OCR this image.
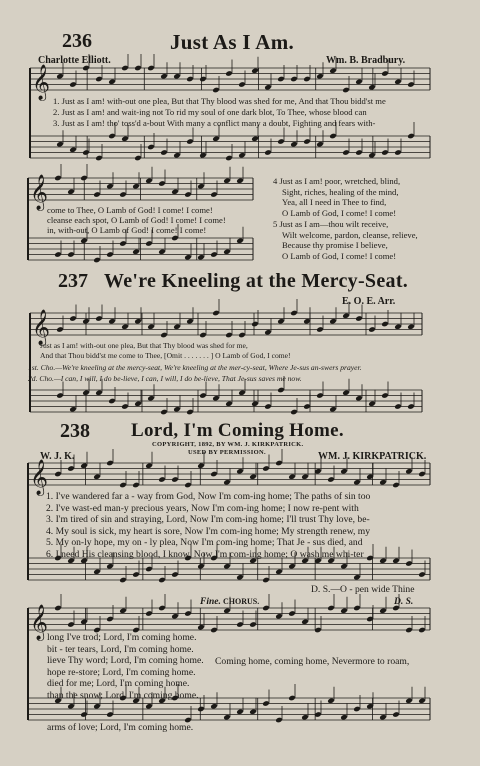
𝄞
𝄞
𝄞
𝄞
𝄞
236	Just As I Am.
Charlotte Elliott.	Wm. B. Bradbury.
1. Just as I am! with-out one plea, But that Thy blood was shed for me, And that Thou bidd'st me
2. Just as I am! and wait-ing not To rid my soul of one dark blot, To Thee, whose blood can
3. Just as I am! tho' toss'd a-bout With many a conflict many a doubt, Fighting and fears with-
come to Thee, O Lamb of God! I come! I come!
cleanse each spot, O Lamb of God! I come! I come!
in, with-out, O Lamb of God! I come! I come!
4 Just as I am! poor, wretched, blind,
Sight, riches, healing of the mind,
Yea, all I need in Thee to find,
O Lamb of God, I come! I come!
5 Just as I am—thou wilt receive,
Wilt welcome, pardon, cleanse, relieve,
Because thy promise I believe,
O Lamb of God, I come! I come!
237 We're Kneeling at the Mercy-Seat.
E. O. E. Arr.
Just as I am! with-out one plea, But that Thy blood was shed for me,
And that Thou bidd'st me come to Thee, [Omit . . . . . . . ] O Lamb of God, I come!
1st. Cho.—We're kneeling at the mercy-seat, We're kneeling at the mer-cy-seat, Where Je-sus an-swers prayer.
2d. Cho.—I can, I will, I do be-lieve, I can, I will, I do be-lieve, That Je-sus saves me now.
238 Lord, I'm Coming Home.
COPYRIGHT, 1892, BY WM. J. KIRKPATRICK.
USED BY PERMISSION.
W. J. K.	WM. J. KIRKPATRICK.
1. I've wandered far a - way from God, Now I'm com-ing home; The paths of sin too
2. I've wast-ed man-y precious years, Now I'm com-ing home; I now re-pent with
3. I'm tired of sin and straying, Lord, Now I'm com-ing home; I'll trust Thy love, be-
4. My soul is sick, my heart is sore, Now I'm com-ing home; My strength renew, my
5. My on-ly hope, my on - ly plea, Now I'm com-ing home; That Je - sus died, and
6. I need His cleansing blood, I know, Now I'm com-ing home; O wash me whi-ter
D. S.—O - pen wide Thine
Fine. CHORUS.	D. S.
long I've trod; Lord, I'm coming home.
bit - ter tears, Lord, I'm coming home.
lieve Thy word; Lord, I'm coming home.
hope re-store; Lord, I'm coming home.
died for me; Lord, I'm coming home.
than the snow; Lord, I'm coming home.
Coming home, coming home, Nevermore to roam,
arms of love; Lord, I'm coming home.
